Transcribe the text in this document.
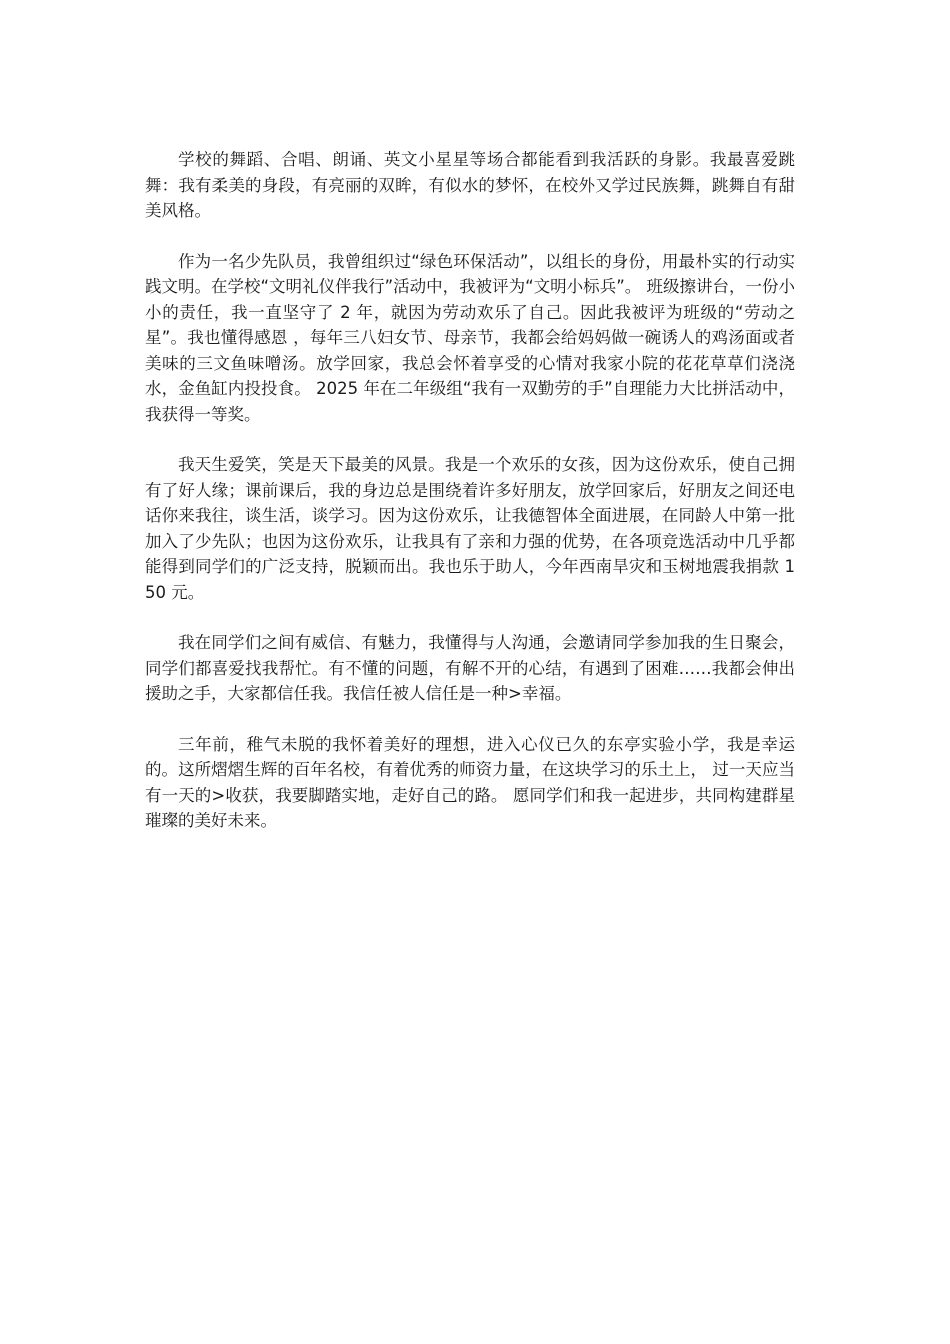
学校的舞蹈、合唱、朗诵、英文小星星等场合都能看到我活跃的身影。我最喜爱跳舞：我有柔美的身段，有亮丽的双眸，有似水的梦怀，在校外又学过民族舞，跳舞自有甜美风格。

作为一名少先队员，我曾组织过“绿色环保活动”，以组长的身份，用最朴实的行动实践文明。在学校“文明礼仪伴我行”活动中，我被评为“文明小标兵”。 班级擦讲台，一份小小的责任，我一直坚守了 2 年，就因为劳动欢乐了自己。因此我被评为班级的“劳动之星”。我也懂得感恩 ，每年三八妇女节、母亲节，我都会给妈妈做一碗诱人的鸡汤面或者美味的三文鱼味噌汤。放学回家，我总会怀着享受的心情对我家小院的花花草草们浇浇水，金鱼缸内投投食。 2025 年在二年级组“我有一双勤劳的手”自理能力大比拼活动中，我获得一等奖。

我天生爱笑，笑是天下最美的风景。我是一个欢乐的女孩，因为这份欢乐，使自己拥有了好人缘；课前课后，我的身边总是围绕着许多好朋友，放学回家后，好朋友之间还电话你来我往，谈生活，谈学习。因为这份欢乐，让我德智体全面进展，在同龄人中第一批加入了少先队；也因为这份欢乐，让我具有了亲和力强的优势，在各项竞选活动中几乎都能得到同学们的广泛支持，脱颖而出。我也乐于助人，今年西南旱灾和玉树地震我捐款 150 元。

我在同学们之间有威信、有魅力，我懂得与人沟通，会邀请同学参加我的生日聚会， 同学们都喜爱找我帮忙。有不懂的问题，有解不开的心结，有遇到了困难……我都会伸出援助之手，大家都信任我。我信任被人信任是一种>幸福。

三年前，稚气未脱的我怀着美好的理想，进入心仪已久的东亭实验小学，我是幸运的。这所熠熠生辉的百年名校，有着优秀的师资力量，在这块学习的乐土上， 过一天应当有一天的>收获，我要脚踏实地，走好自己的路。 愿同学们和我一起进步，共同构建群星璀璨的美好未来。
